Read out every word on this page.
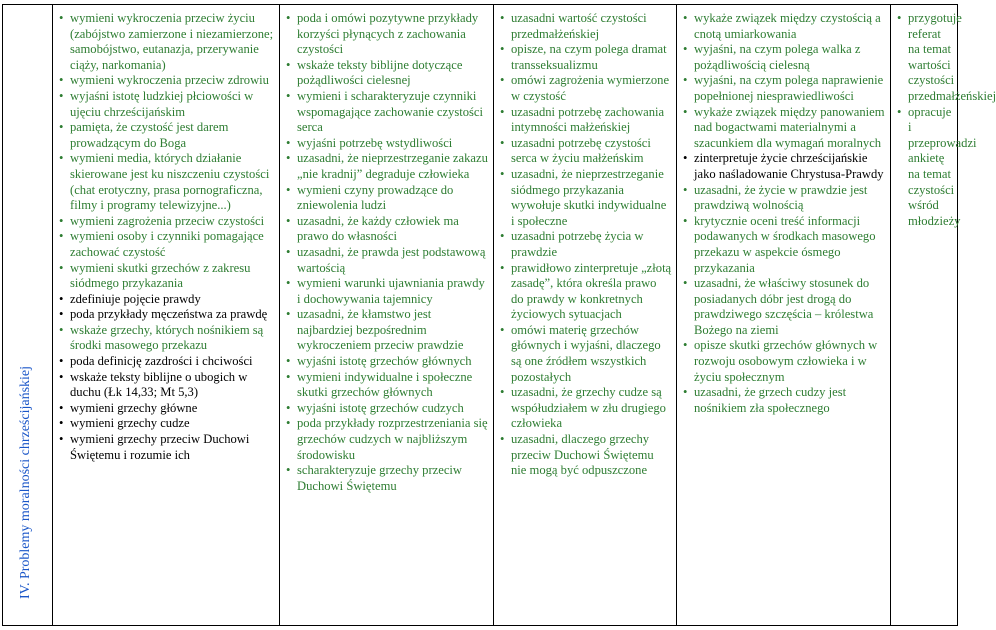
IV. Problemy moralności chrześcijańskiej

• wymieni wykroczenia przeciw życiu (zabójstwo zamierzone i niezamierzone; samobójstwo, eutanazja, przerywanie ciąży, narkomania)
• wymieni wykroczenia przeciw zdrowiu
• wyjaśni istotę ludzkiej płciowości w ujęciu chrześcijańskim
• pamięta, że czystość jest darem prowadzącym do Boga
• wymieni media, których działanie skierowane jest ku niszczeniu czystości (chat erotyczny, prasa pornograficzna, filmy i programy telewizyjne...)
• wymieni zagrożenia przeciw czystości
• wymieni osoby i czynniki pomagające zachować czystość
• wymieni skutki grzechów z zakresu siódmego przykazania
• zdefiniuje pojęcie prawdy
• poda przykłady męczeństwa za prawdę
• wskaże grzechy, których nośnikiem są środki masowego przekazu
• poda definicję zazdrości i chciwości
• wskaże teksty biblijne o ubogich w duchu (Łk 14,33; Mt 5,3)
• wymieni grzechy główne
• wymieni grzechy cudze
• wymieni grzechy przeciw Duchowi Świętemu i rozumie ich

• poda i omówi pozytywne przykłady korzyści płynących z zachowania czystości
• wskaże teksty biblijne dotyczące pożądliwości cielesnej
• wymieni i scharakteryzuje czynniki wspomagające zachowanie czystości serca
• wyjaśni potrzebę wstydliwości
• uzasadni, że nieprzestrzeganie zakazu „nie kradnij” degraduje człowieka
• wymieni czyny prowadzące do zniewolenia ludzi
• uzasadni, że każdy człowiek ma prawo do własności
• uzasadni, że prawda jest podstawową wartością
• wymieni warunki ujawniania prawdy i dochowywania tajemnicy
• uzasadni, że kłamstwo jest najbardziej bezpośrednim wykroczeniem przeciw prawdzie
• wyjaśni istotę grzechów głównych
• wymieni indywidualne i społeczne skutki grzechów głównych
• wyjaśni istotę grzechów cudzych
• poda przykłady rozprzestrzeniania się grzechów cudzych w najbliższym środowisku
• scharakteryzuje grzechy przeciw Duchowi Świętemu

• uzasadni wartość czystości przedmałżeńskiej
• opisze, na czym polega dramat transseksualizmu
• omówi zagrożenia wymierzone w czystość
• uzasadni potrzebę zachowania intymności małżeńskiej
• uzasadni potrzebę czystości serca w życiu małżeńskim
• uzasadni, że nieprzestrzeganie siódmego przykazania wywołuje skutki indywidualne i społeczne
• uzasadni potrzebę życia w prawdzie
• prawidłowo zinterpretuje „złotą zasadę”, która określa prawo do prawdy w konkretnych życiowych sytuacjach
• omówi materię grzechów głównych i wyjaśni, dlaczego są one źródłem wszystkich pozostałych
• uzasadni, że grzechy cudze są współudziałem w złu drugiego człowieka
• uzasadni, dlaczego grzechy przeciw Duchowi Świętemu nie mogą być odpuszczone

• wykaże związek między czystością a cnotą umiarkowania
• wyjaśni, na czym polega walka z pożądliwością cielesną
• wyjaśni, na czym polega naprawienie popełnionej niesprawiedliwości
• wykaże związek między panowaniem nad bogactwami materialnymi a szacunkiem dla wymagań moralnych
• zinterpretuje życie chrześcijańskie jako naśladowanie Chrystusa-Prawdy
• uzasadni, że życie w prawdzie jest prawdziwą wolnością
• krytycznie oceni treść informacji podawanych w środkach masowego przekazu w aspekcie ósmego przykazania
• uzasadni, że właściwy stosunek do posiadanych dóbr jest drogą do prawdziwego szczęścia – królestwa Bożego na ziemi
• opisze skutki grzechów głównych w rozwoju osobowym człowieka i w życiu społecznym
• uzasadni, że grzech cudzy jest nośnikiem zła społecznego

• przygotuje referat na temat wartości czystości przedmałżeńskiej
• opracuje i przeprowadzi ankietę na temat czystości wśród młodzieży
